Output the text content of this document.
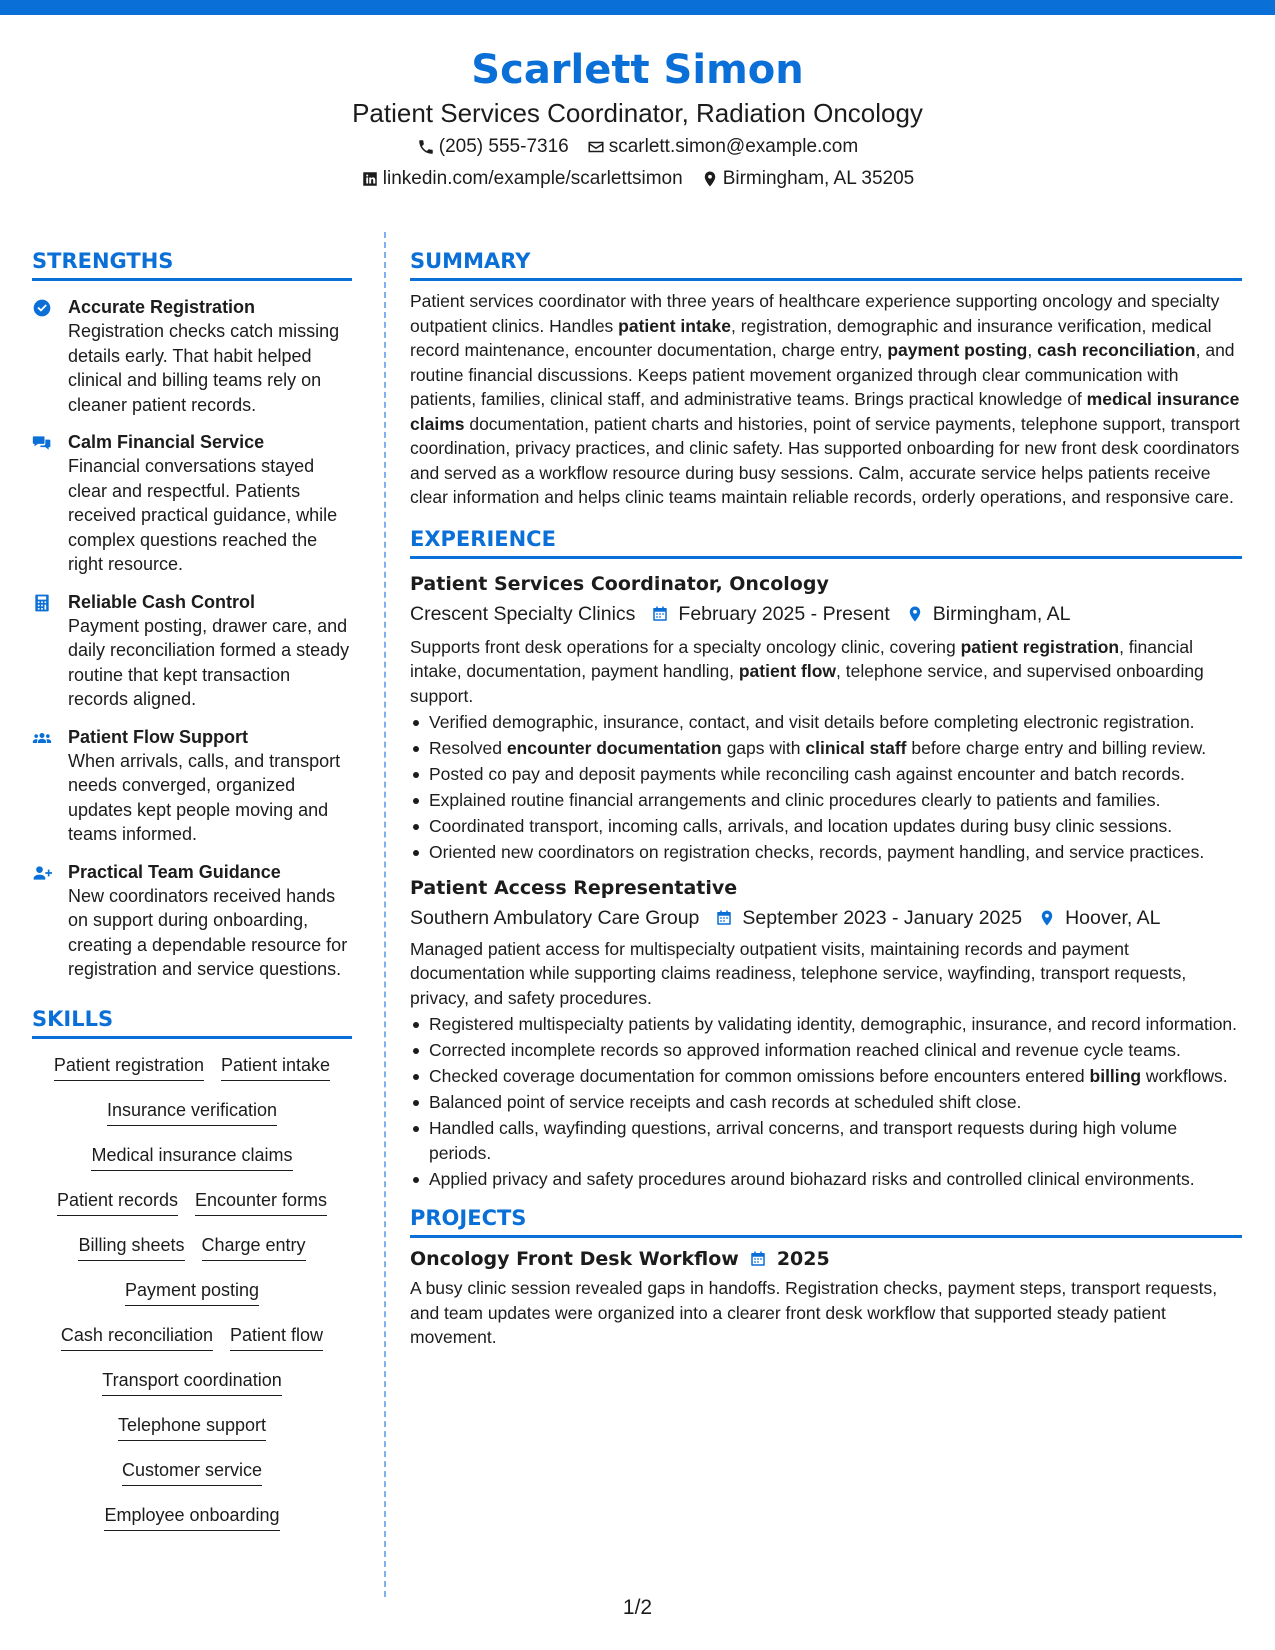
Scarlett Simon
Patient Services Coordinator, Radiation Oncology
(205) 555-7316 scarlett.simon@example.com
linkedin.com/example/scarlettsimon Birmingham, AL 35205
STRENGTHS
Accurate Registration
Registration checks catch missing details early. That habit helped clinical and billing teams rely on cleaner patient records.
Calm Financial Service
Financial conversations stayed clear and respectful. Patients received practical guidance, while complex questions reached the right resource.
Reliable Cash Control
Payment posting, drawer care, and daily reconciliation formed a steady routine that kept transaction records aligned.
Patient Flow Support
When arrivals, calls, and transport needs converged, organized updates kept people moving and teams informed.
Practical Team Guidance
New coordinators received hands on support during onboarding, creating a dependable resource for registration and service questions.
SKILLS
Patient registration Patient intake
Insurance verification
Medical insurance claims
Patient records Encounter forms
Billing sheets Charge entry
Payment posting
Cash reconciliation Patient flow
Transport coordination
Telephone support
Customer service
Employee onboarding
SUMMARY
Patient services coordinator with three years of healthcare experience supporting oncology and specialty outpatient clinics. Handles patient intake, registration, demographic and insurance verification, medical record maintenance, encounter documentation, charge entry, payment posting, cash reconciliation, and routine financial discussions. Keeps patient movement organized through clear communication with patients, families, clinical staff, and administrative teams. Brings practical knowledge of medical insurance claims documentation, patient charts and histories, point of service payments, telephone support, transport coordination, privacy practices, and clinic safety. Has supported onboarding for new front desk coordinators and served as a workflow resource during busy sessions. Calm, accurate service helps patients receive clear information and helps clinic teams maintain reliable records, orderly operations, and responsive care.
EXPERIENCE
Patient Services Coordinator, Oncology
Crescent Specialty Clinics February 2025 - Present Birmingham, AL
Supports front desk operations for a specialty oncology clinic, covering patient registration, financial intake, documentation, payment handling, patient flow, telephone service, and supervised onboarding support.
Verified demographic, insurance, contact, and visit details before completing electronic registration.
Resolved encounter documentation gaps with clinical staff before charge entry and billing review.
Posted co pay and deposit payments while reconciling cash against encounter and batch records.
Explained routine financial arrangements and clinic procedures clearly to patients and families.
Coordinated transport, incoming calls, arrivals, and location updates during busy clinic sessions.
Oriented new coordinators on registration checks, records, payment handling, and service practices.
Patient Access Representative
Southern Ambulatory Care Group September 2023 - January 2025 Hoover, AL
Managed patient access for multispecialty outpatient visits, maintaining records and payment documentation while supporting claims readiness, telephone service, wayfinding, transport requests, privacy, and safety procedures.
Registered multispecialty patients by validating identity, demographic, insurance, and record information.
Corrected incomplete records so approved information reached clinical and revenue cycle teams.
Checked coverage documentation for common omissions before encounters entered billing workflows.
Balanced point of service receipts and cash records at scheduled shift close.
Handled calls, wayfinding questions, arrival concerns, and transport requests during high volume periods.
Applied privacy and safety procedures around biohazard risks and controlled clinical environments.
PROJECTS
Oncology Front Desk Workflow 2025
A busy clinic session revealed gaps in handoffs. Registration checks, payment steps, transport requests, and team updates were organized into a clearer front desk workflow that supported steady patient movement.
1/2
